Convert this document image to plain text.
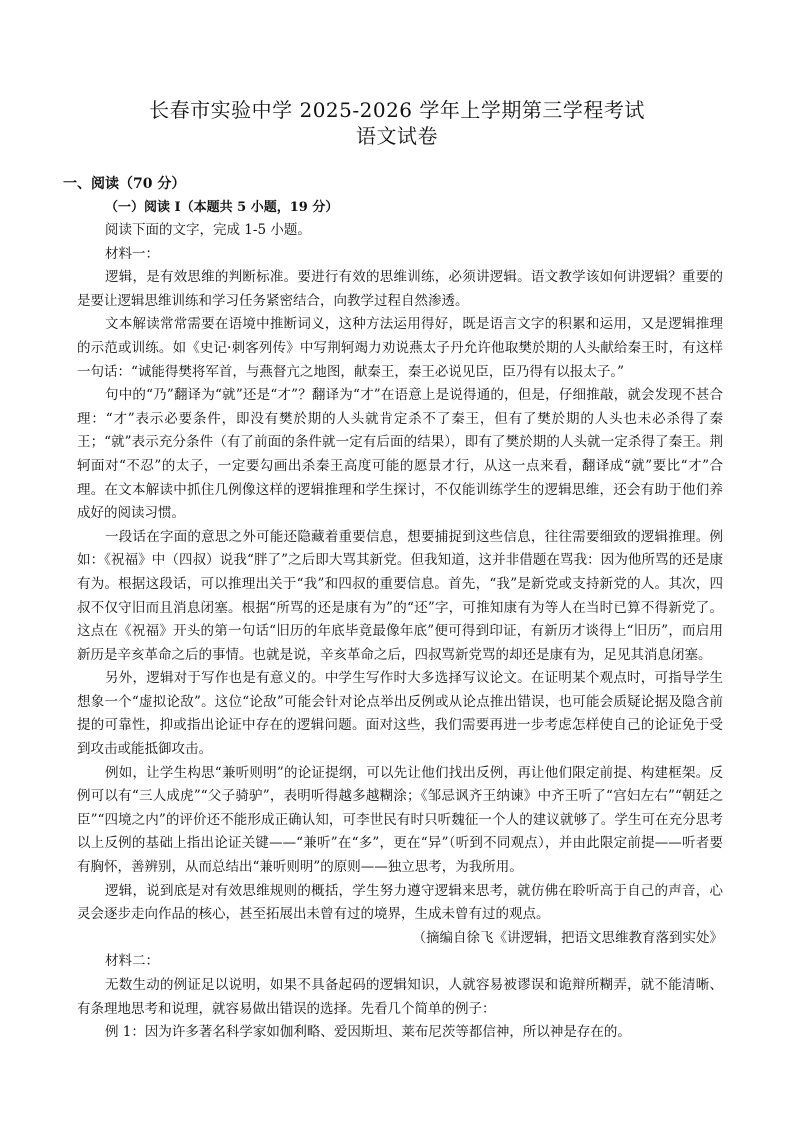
长春市实验中学 2025-2026 学年上学期第三学程考试
语文试卷
一、阅读（70 分）
（一）阅读 I（本题共 5 小题，19 分）

阅读下面的文字，完成 1-5 小题。

材料一：

逻辑，是有效思维的判断标准。要进行有效的思维训练，必须讲逻辑。语文教学该如何讲逻辑？重要的是要让逻辑思维训练和学习任务紧密结合，向教学过程自然渗透。

文本解读常常需要在语境中推断词义，这种方法运用得好，既是语言文字的积累和运用，又是逻辑推理的示范或训练。如《史记·刺客列传》中写荆轲竭力劝说燕太子丹允许他取樊於期的人头献给秦王时，有这样一句话：“诚能得樊将军首，与燕督亢之地图，献秦王，秦王必说见臣，臣乃得有以报太子。”

句中的“乃”翻译为“就”还是“才”？翻译为“才”在语意上是说得通的，但是，仔细推敲，就会发现不甚合理：“才”表示必要条件，即没有樊於期的人头就肯定杀不了秦王，但有了樊於期的人头也未必杀得了秦王；“就”表示充分条件（有了前面的条件就一定有后面的结果），即有了樊於期的人头就一定杀得了秦王。荆轲面对“不忍”的太子，一定要勾画出杀秦王高度可能的愿景才行，从这一点来看，翻译成“就”要比“才”合理。在文本解读中抓住几例像这样的逻辑推理和学生探讨，不仅能训练学生的逻辑思维，还会有助于他们养成好的阅读习惯。

一段话在字面的意思之外可能还隐藏着重要信息，想要捕捉到这些信息，往往需要细致的逻辑推理。例如：《祝福》中（四叔）说我“胖了”之后即大骂其新党。但我知道，这并非借题在骂我：因为他所骂的还是康有为。根据这段话，可以推理出关于“我”和四叔的重要信息。首先，“我”是新党或支持新党的人。其次，四叔不仅守旧而且消息闭塞。根据“所骂的还是康有为”的“还”字，可推知康有为等人在当时已算不得新党了。这点在《祝福》开头的第一句话“旧历的年底毕竟最像年底”便可得到印证，有新历才谈得上“旧历”，而启用新历是辛亥革命之后的事情。也就是说，辛亥革命之后，四叔骂新党骂的却还是康有为，足见其消息闭塞。

另外，逻辑对于写作也是有意义的。中学生写作时大多选择写议论文。在证明某个观点时，可指导学生想象一个“虚拟论敌”。这位“论敌”可能会针对论点举出反例或从论点推出错误，也可能会质疑论据及隐含前提的可靠性，抑或指出论证中存在的逻辑问题。面对这些，我们需要再进一步考虑怎样使自己的论证免于受到攻击或能抵御攻击。

例如，让学生构思“兼听则明”的论证提纲，可以先让他们找出反例，再让他们限定前提、构建框架。反例可以有“三人成虎”“父子骑驴”，表明听得越多越糊涂；《邹忌讽齐王纳谏》中齐王听了“宫妇左右”“朝廷之臣”“四境之内”的评价还不能形成正确认知，可李世民有时只听魏征一个人的建议就够了。学生可在充分思考以上反例的基础上指出论证关键——“兼听”在“多”，更在“异”（听到不同观点），并由此限定前提——听者要有胸怀，善辨别，从而总结出“兼听则明”的原则——独立思考，为我所用。

逻辑，说到底是对有效思维规则的概括，学生努力遵守逻辑来思考，就仿佛在聆听高于自己的声音，心灵会逐步走向作品的核心，甚至拓展出未曾有过的境界，生成未曾有过的观点。

（摘编自徐飞《讲逻辑，把语文思维教育落到实处》

材料二：

无数生动的例证足以说明，如果不具备起码的逻辑知识，人就容易被谬误和诡辩所糊弄，就不能清晰、有条理地思考和说理，就容易做出错误的选择。先看几个简单的例子：

例 1：因为许多著名科学家如伽利略、爱因斯坦、莱布尼茨等都信神，所以神是存在的。
